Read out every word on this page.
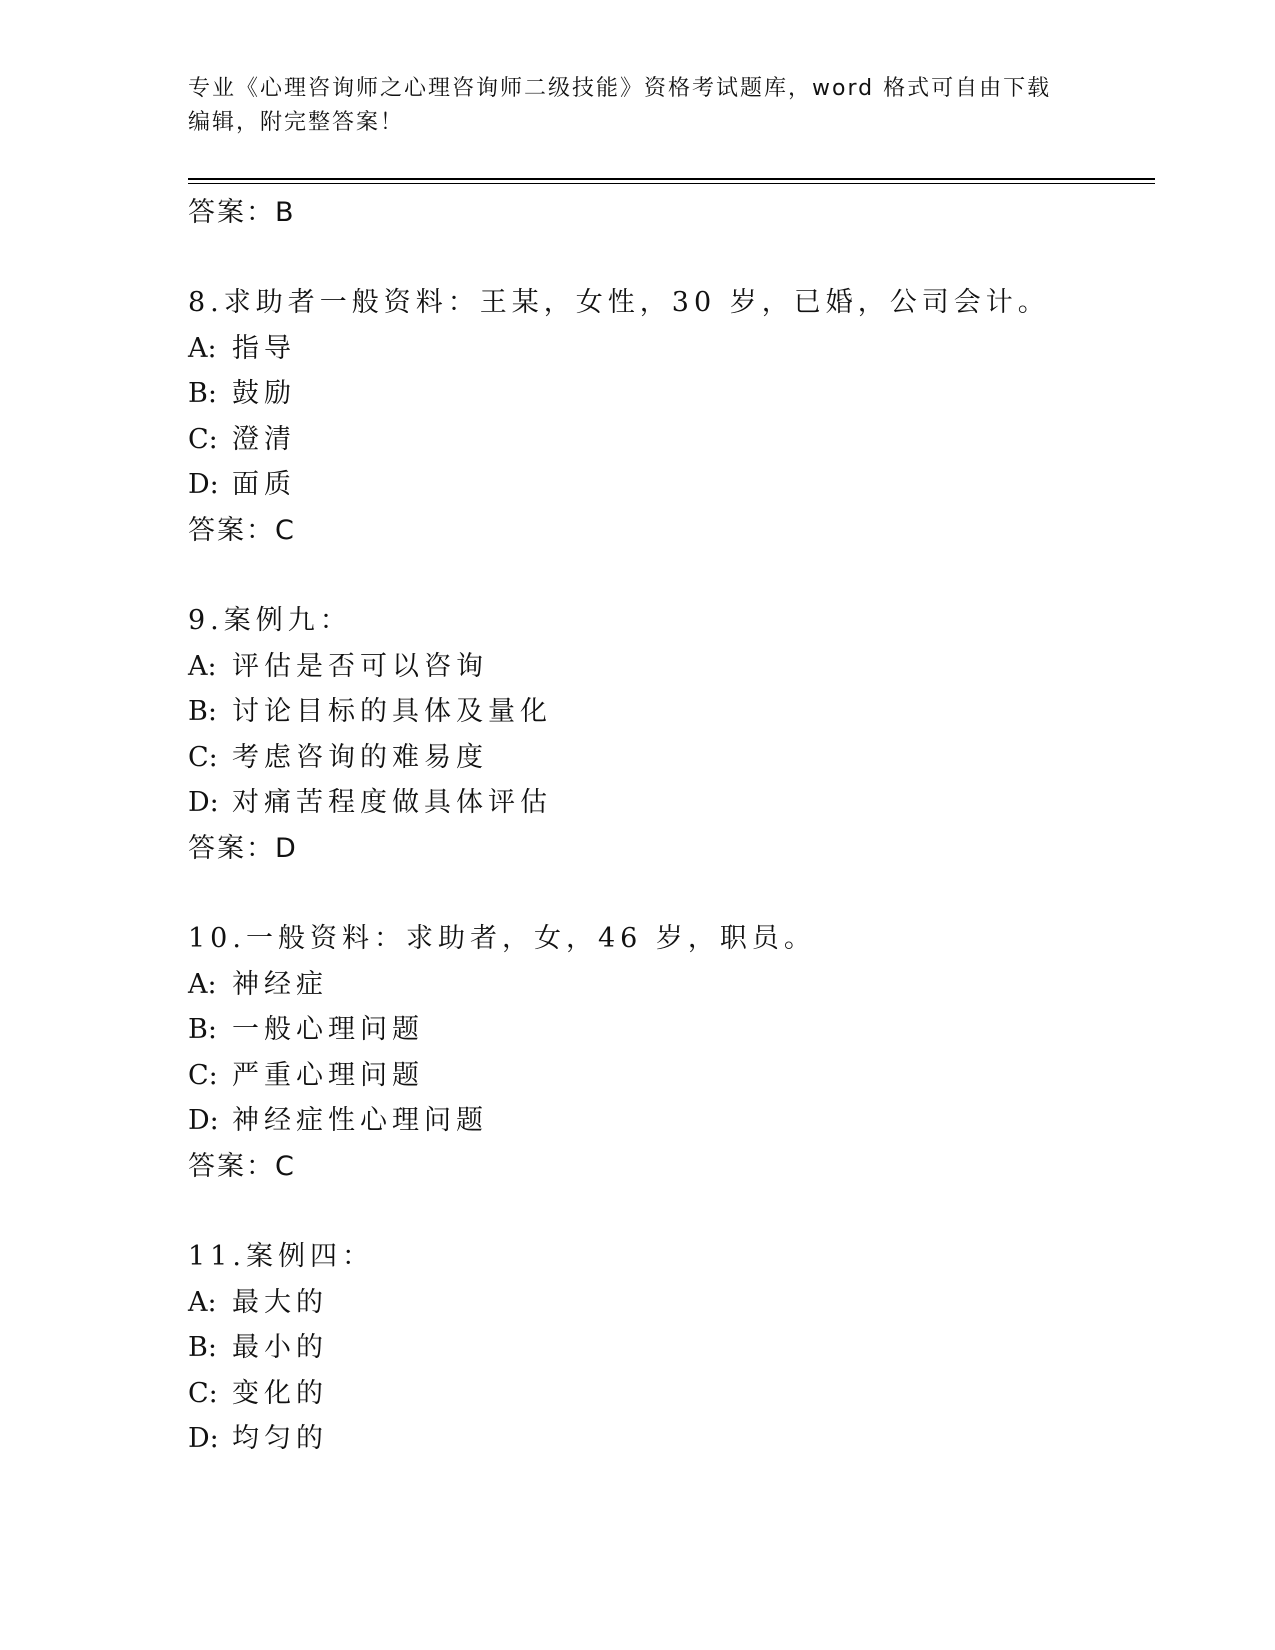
专业《心理咨询师之心理咨询师二级技能》资格考试题库，word 格式可自由下载
编辑，附完整答案！
答案：B
8.求助者一般资料：王某，女性，30 岁，已婚，公司会计。
A: 指导
B: 鼓励
C: 澄清
D: 面质
答案：C
9.案例九：
A: 评估是否可以咨询
B: 讨论目标的具体及量化
C: 考虑咨询的难易度
D: 对痛苦程度做具体评估
答案：D
10.一般资料：求助者，女，46 岁，职员。
A: 神经症
B: 一般心理问题
C: 严重心理问题
D: 神经症性心理问题
答案：C
11.案例四：
A: 最大的
B: 最小的
C: 变化的
D: 均匀的
